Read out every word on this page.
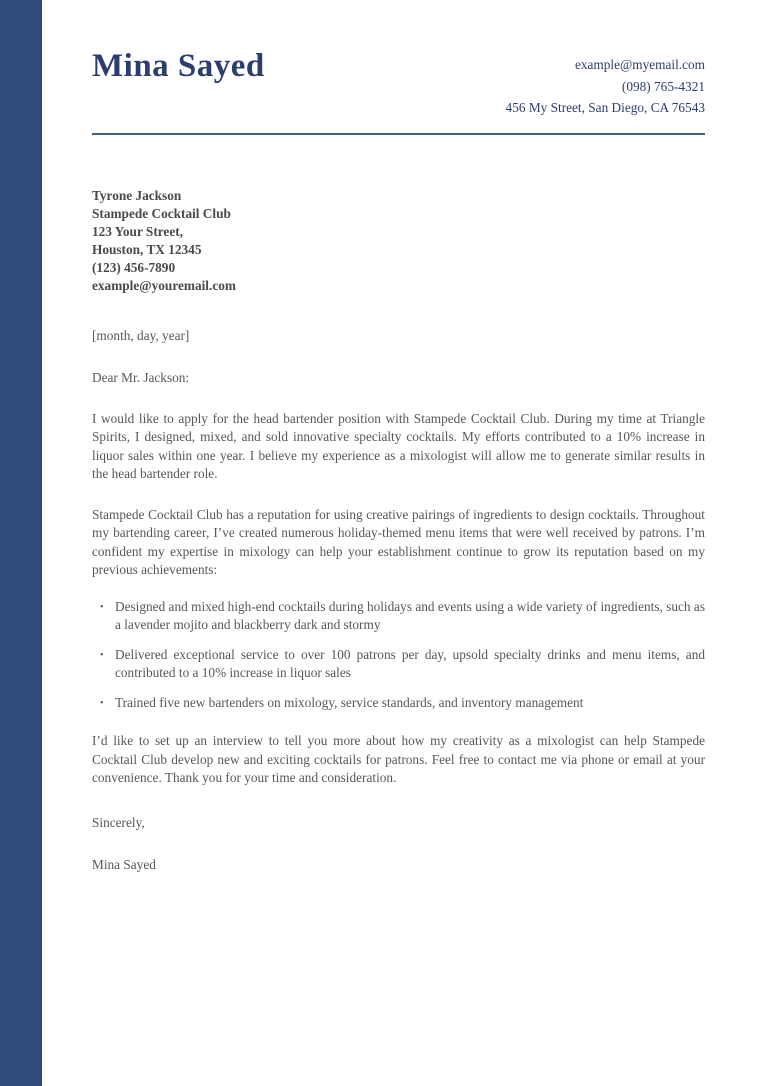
Mina Sayed	example@myemail.com
(098) 765-4321
456 My Street, San Diego, CA 76543
Tyrone Jackson
Stampede Cocktail Club
123 Your Street,
Houston, TX 12345
(123) 456-7890
example@youremail.com
[month, day, year]
Dear Mr. Jackson:

I would like to apply for the head bartender position with Stampede Cocktail Club. During my time at Triangle Spirits, I designed, mixed, and sold innovative specialty cocktails. My efforts contributed to a 10% increase in liquor sales within one year. I believe my experience as a mixologist will allow me to generate similar results in the head bartender role.

Stampede Cocktail Club has a reputation for using creative pairings of ingredients to design cocktails. Throughout my bartending career, I’ve created numerous holiday-themed menu items that were well received by patrons. I’m confident my expertise in mixology can help your establishment continue to grow its reputation based on my previous achievements:

• Designed and mixed high-end cocktails during holidays and events using a wide variety of ingredients, such as a lavender mojito and blackberry dark and stormy
• Delivered exceptional service to over 100 patrons per day, upsold specialty drinks and menu items, and contributed to a 10% increase in liquor sales
• Trained five new bartenders on mixology, service standards, and inventory management

I’d like to set up an interview to tell you more about how my creativity as a mixologist can help Stampede Cocktail Club develop new and exciting cocktails for patrons. Feel free to contact me via phone or email at your convenience. Thank you for your time and consideration.

Sincerely,
Mina Sayed
